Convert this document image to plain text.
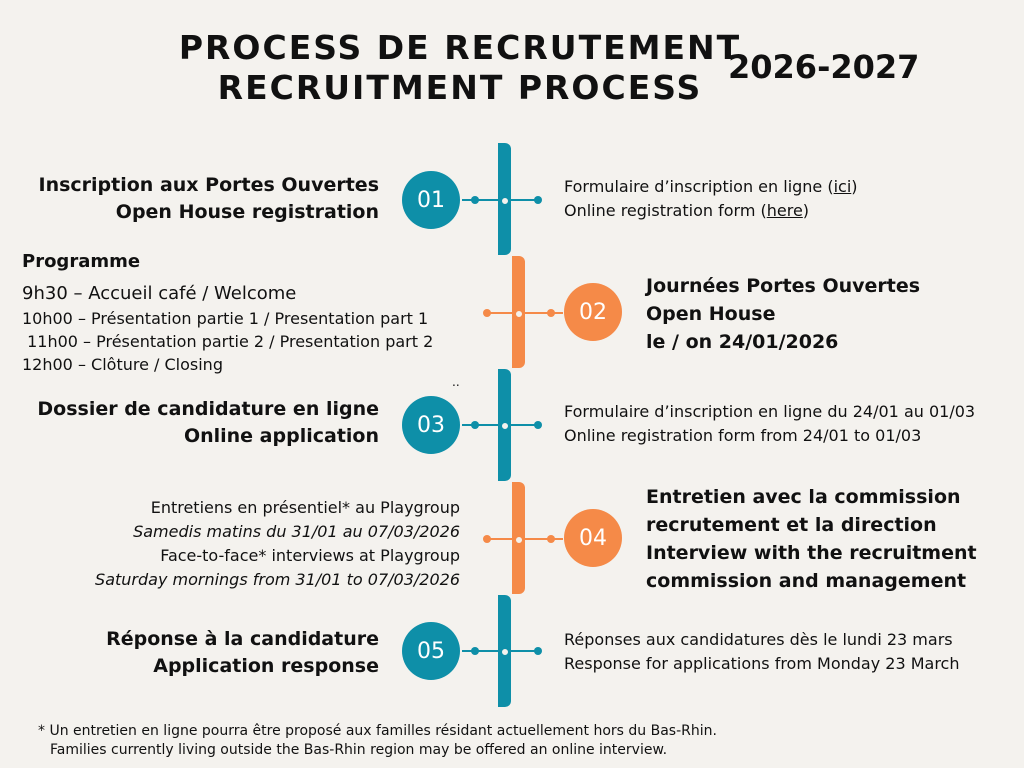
PROCESS DE RECRUTEMENT
RECRUITMENT PROCESS
2026-2027
Inscription aux Portes Ouvertes
Open House registration	01
Formulaire d’inscription en ligne (ici)
Online registration form (here)
Programme
9h30 – Accueil café / Welcome
10h00 – Présentation partie 1 / Presentation part 1
11h00 – Présentation partie 2 / Presentation part 2
12h00 – Clôture / Closing
02
Journées Portes Ouvertes
Open House
le / on 24/01/2026
..
Dossier de candidature en ligne
Online application	03
Formulaire d’inscription en ligne du 24/01 au 01/03
Online registration form from 24/01 to 01/03
Entretiens en présentiel* au Playgroup
Samedis matins du 31/01 au 07/03/2026
Face-to-face* interviews at Playgroup
Saturday mornings from 31/01 to 07/03/2026
04
Entretien avec la commission
recrutement et la direction
Interview with the recruitment
commission and management
Réponse à la candidature
Application response
05	Réponses aux candidatures dès le lundi 23 mars
Response for applications from Monday 23 March
* Un entretien en ligne pourra être proposé aux familles résidant actuellement hors du Bas-Rhin.
Families currently living outside the Bas-Rhin region may be offered an online interview.
